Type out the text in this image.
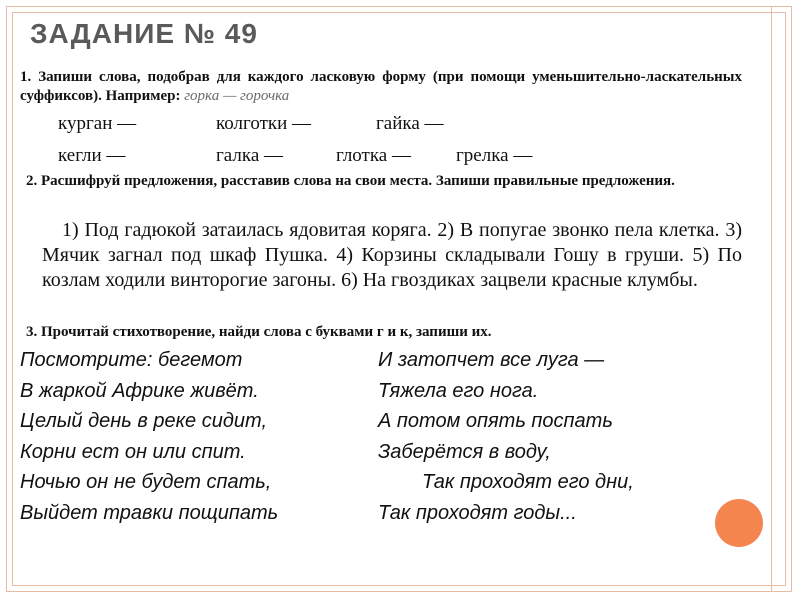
ЗАДАНИЕ № 49
1. Запиши слова, подобрав для каждого ласковую форму (при помощи уменьшительно-ласкательных суффиксов). Например: горка — горочка
курган —	колготки —	гайка —
кегли —	галка —	глотка — грелка —
2. Расшифруй предложения, расставив слова на свои места. Запиши правильные предложения.
1) Под гадюкой затаилась ядовитая коряга. 2) В попугае звонко пела клетка. 3) Мячик загнал под шкаф Пушка. 4) Корзины складывали Гошу в груши. 5) По козлам ходили винторогие загоны. 6) На гвоздиках зацвели красные клумбы.
3. Прочитай стихотворение, найди слова с буквами г и к, запиши их.
Посмотрите: бегемот
В жаркой Африке живёт.
Целый день в реке сидит,
Корни ест он или спит.
Ночью он не будет спать,
Выйдет травки пощипать
И затопчет все луга —
Тяжела его нога.
А потом опять поспать
Заберётся в воду,
Так проходят его дни,
Так проходят годы...
